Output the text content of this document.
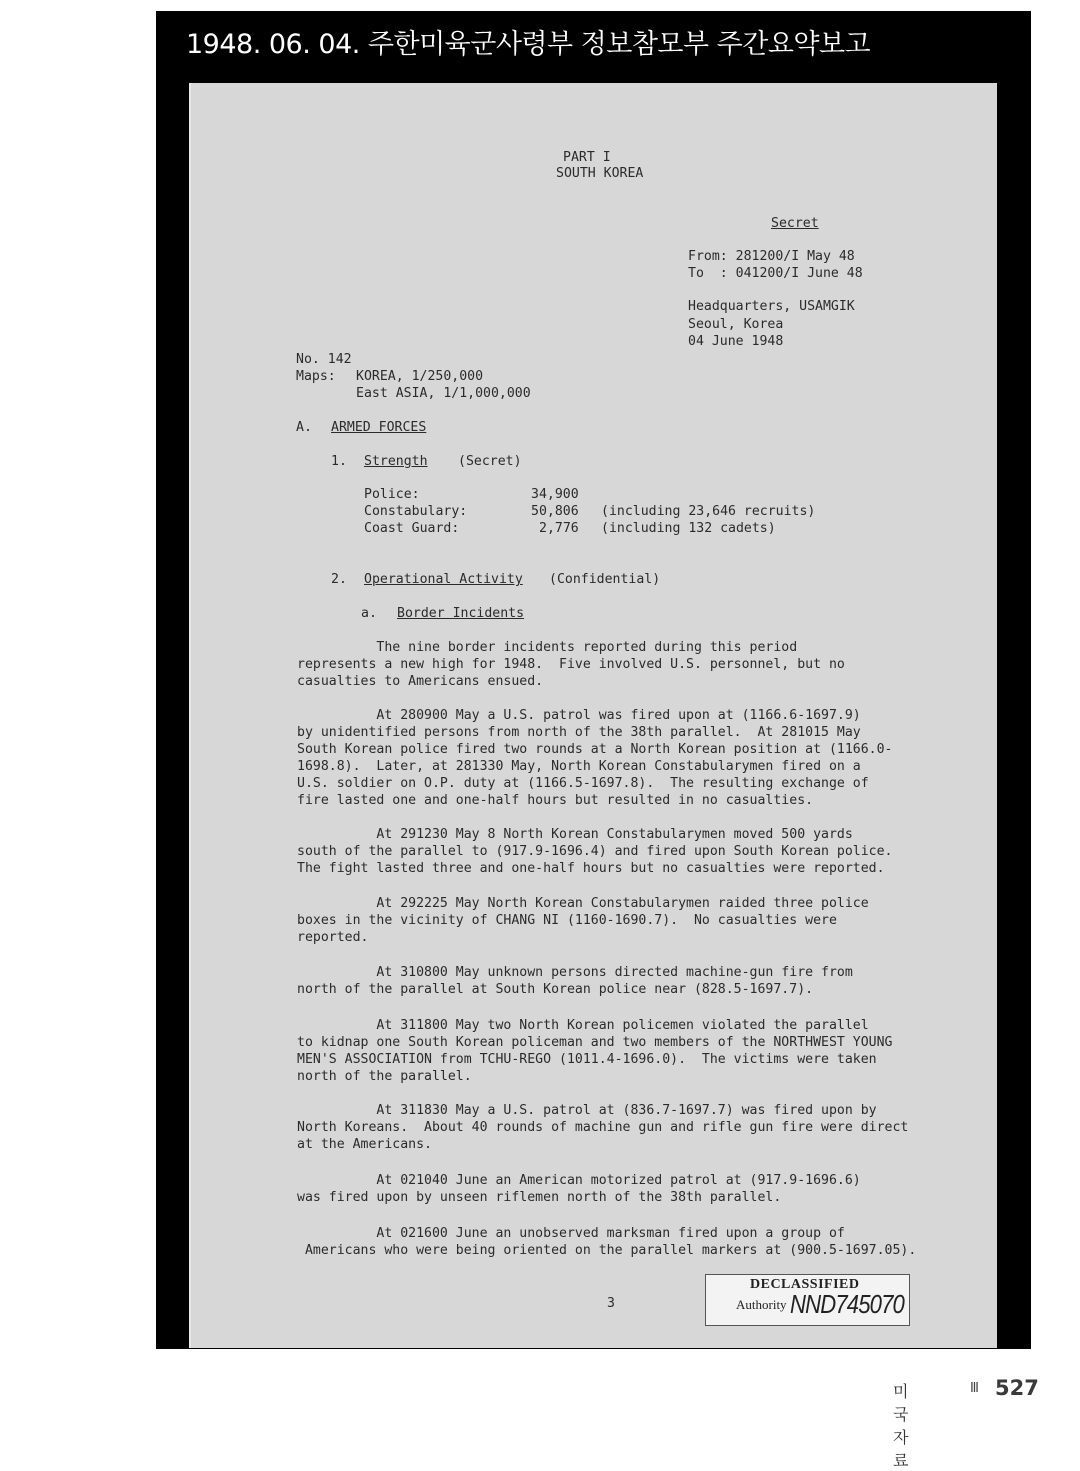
1948. 06. 04. 주한미육군사령부 정보참모부 주간요약보고
PART I
SOUTH KOREA
Secret
From: 281200/I May 48
To  : 041200/I June 48
Headquarters, USAMGIK
Seoul, Korea
04 June 1948
No. 142
Maps: KOREA, 1/250,000
East ASIA, 1/1,000,000
A. ARMED FORCES
1. Strength (Secret)
Police:	34,900
Constabulary:	50,806 (including 23,646 recruits)
Coast Guard:	2,776 (including 132 cadets)
2. Operational Activity (Confidential)
a. Border Incidents
The nine border incidents reported during this period
represents a new high for 1948.  Five involved U.S. personnel, but no
casualties to Americans ensued.
At 280900 May a U.S. patrol was fired upon at (1166.6-1697.9)
by unidentified persons from north of the 38th parallel.  At 281015 May
South Korean police fired two rounds at a North Korean position at (1166.0-
1698.8).  Later, at 281330 May, North Korean Constabularymen fired on a
U.S. soldier on O.P. duty at (1166.5-1697.8).  The resulting exchange of
fire lasted one and one-half hours but resulted in no casualties.
At 291230 May 8 North Korean Constabularymen moved 500 yards
south of the parallel to (917.9-1696.4) and fired upon South Korean police.
The fight lasted three and one-half hours but no casualties were reported.
At 292225 May North Korean Constabularymen raided three police
boxes in the vicinity of CHANG NI (1160-1690.7).  No casualties were
reported.
At 310800 May unknown persons directed machine-gun fire from
north of the parallel at South Korean police near (828.5-1697.7).
At 311800 May two North Korean policemen violated the parallel
to kidnap one South Korean policeman and two members of the NORTHWEST YOUNG
MEN'S ASSOCIATION from TCHU-REGO (1011.4-1696.0).  The victims were taken
north of the parallel.
At 311830 May a U.S. patrol at (836.7-1697.7) was fired upon by
North Koreans.  About 40 rounds of machine gun and rifle gun fire were direct
at the Americans.
At 021040 June an American motorized patrol at (917.9-1696.6)
was fired upon by unseen riflemen north of the 38th parallel.
At 021600 June an unobserved marksman fired upon a group of
Americans who were being oriented on the parallel markers at (900.5-1697.05).
3
DECLASSIFIED
Authority NND745070
미국자료
Ⅲ 527
